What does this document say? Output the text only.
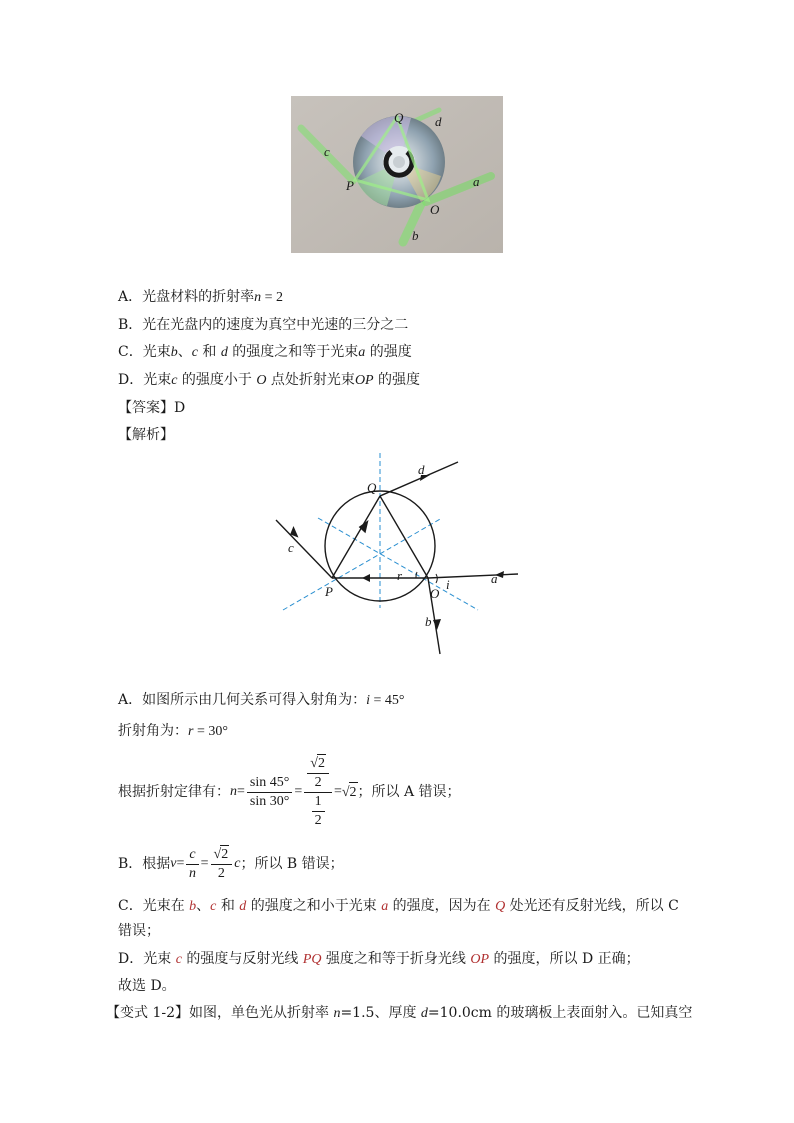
Q d
c
a
P
O
b
A．光盘材料的折射率n = 2
B．光在光盘内的速度为真空中光速的三分之二
C．光束b、c 和 d 的强度之和等于光束a 的强度
D．光束c 的强度小于 O 点处折射光束OP 的强度
【答案】D
【解析】
Q
d
c
P
r
O
i	a
b
A．如图所示由几何关系可得入射角为：i = 45°
折射角为：r = 30°
根据折射定律有： $n = \frac{\sin 45^\circ}{\sin 30^\circ} = \frac{\frac{√2}{2}}{\frac{1}{2}} = √2$ ；所以 A 错误；
B．根据 $v = \frac{c}{n} = \frac{√2}{2}$ c ；所以 B 错误；
C．光束在 b、c 和 d 的强度之和小于光束 a 的强度，因为在 Q 处光还有反射光线，所以 C
错误；
D．光束 c 的强度与反射光线 PQ 强度之和等于折身光线 OP 的强度，所以 D 正确；
故选 D。
【变式 1-2】如图，单色光从折射率 n=1.5、厚度 d=10.0cm 的玻璃板上表面射入。已知真空
